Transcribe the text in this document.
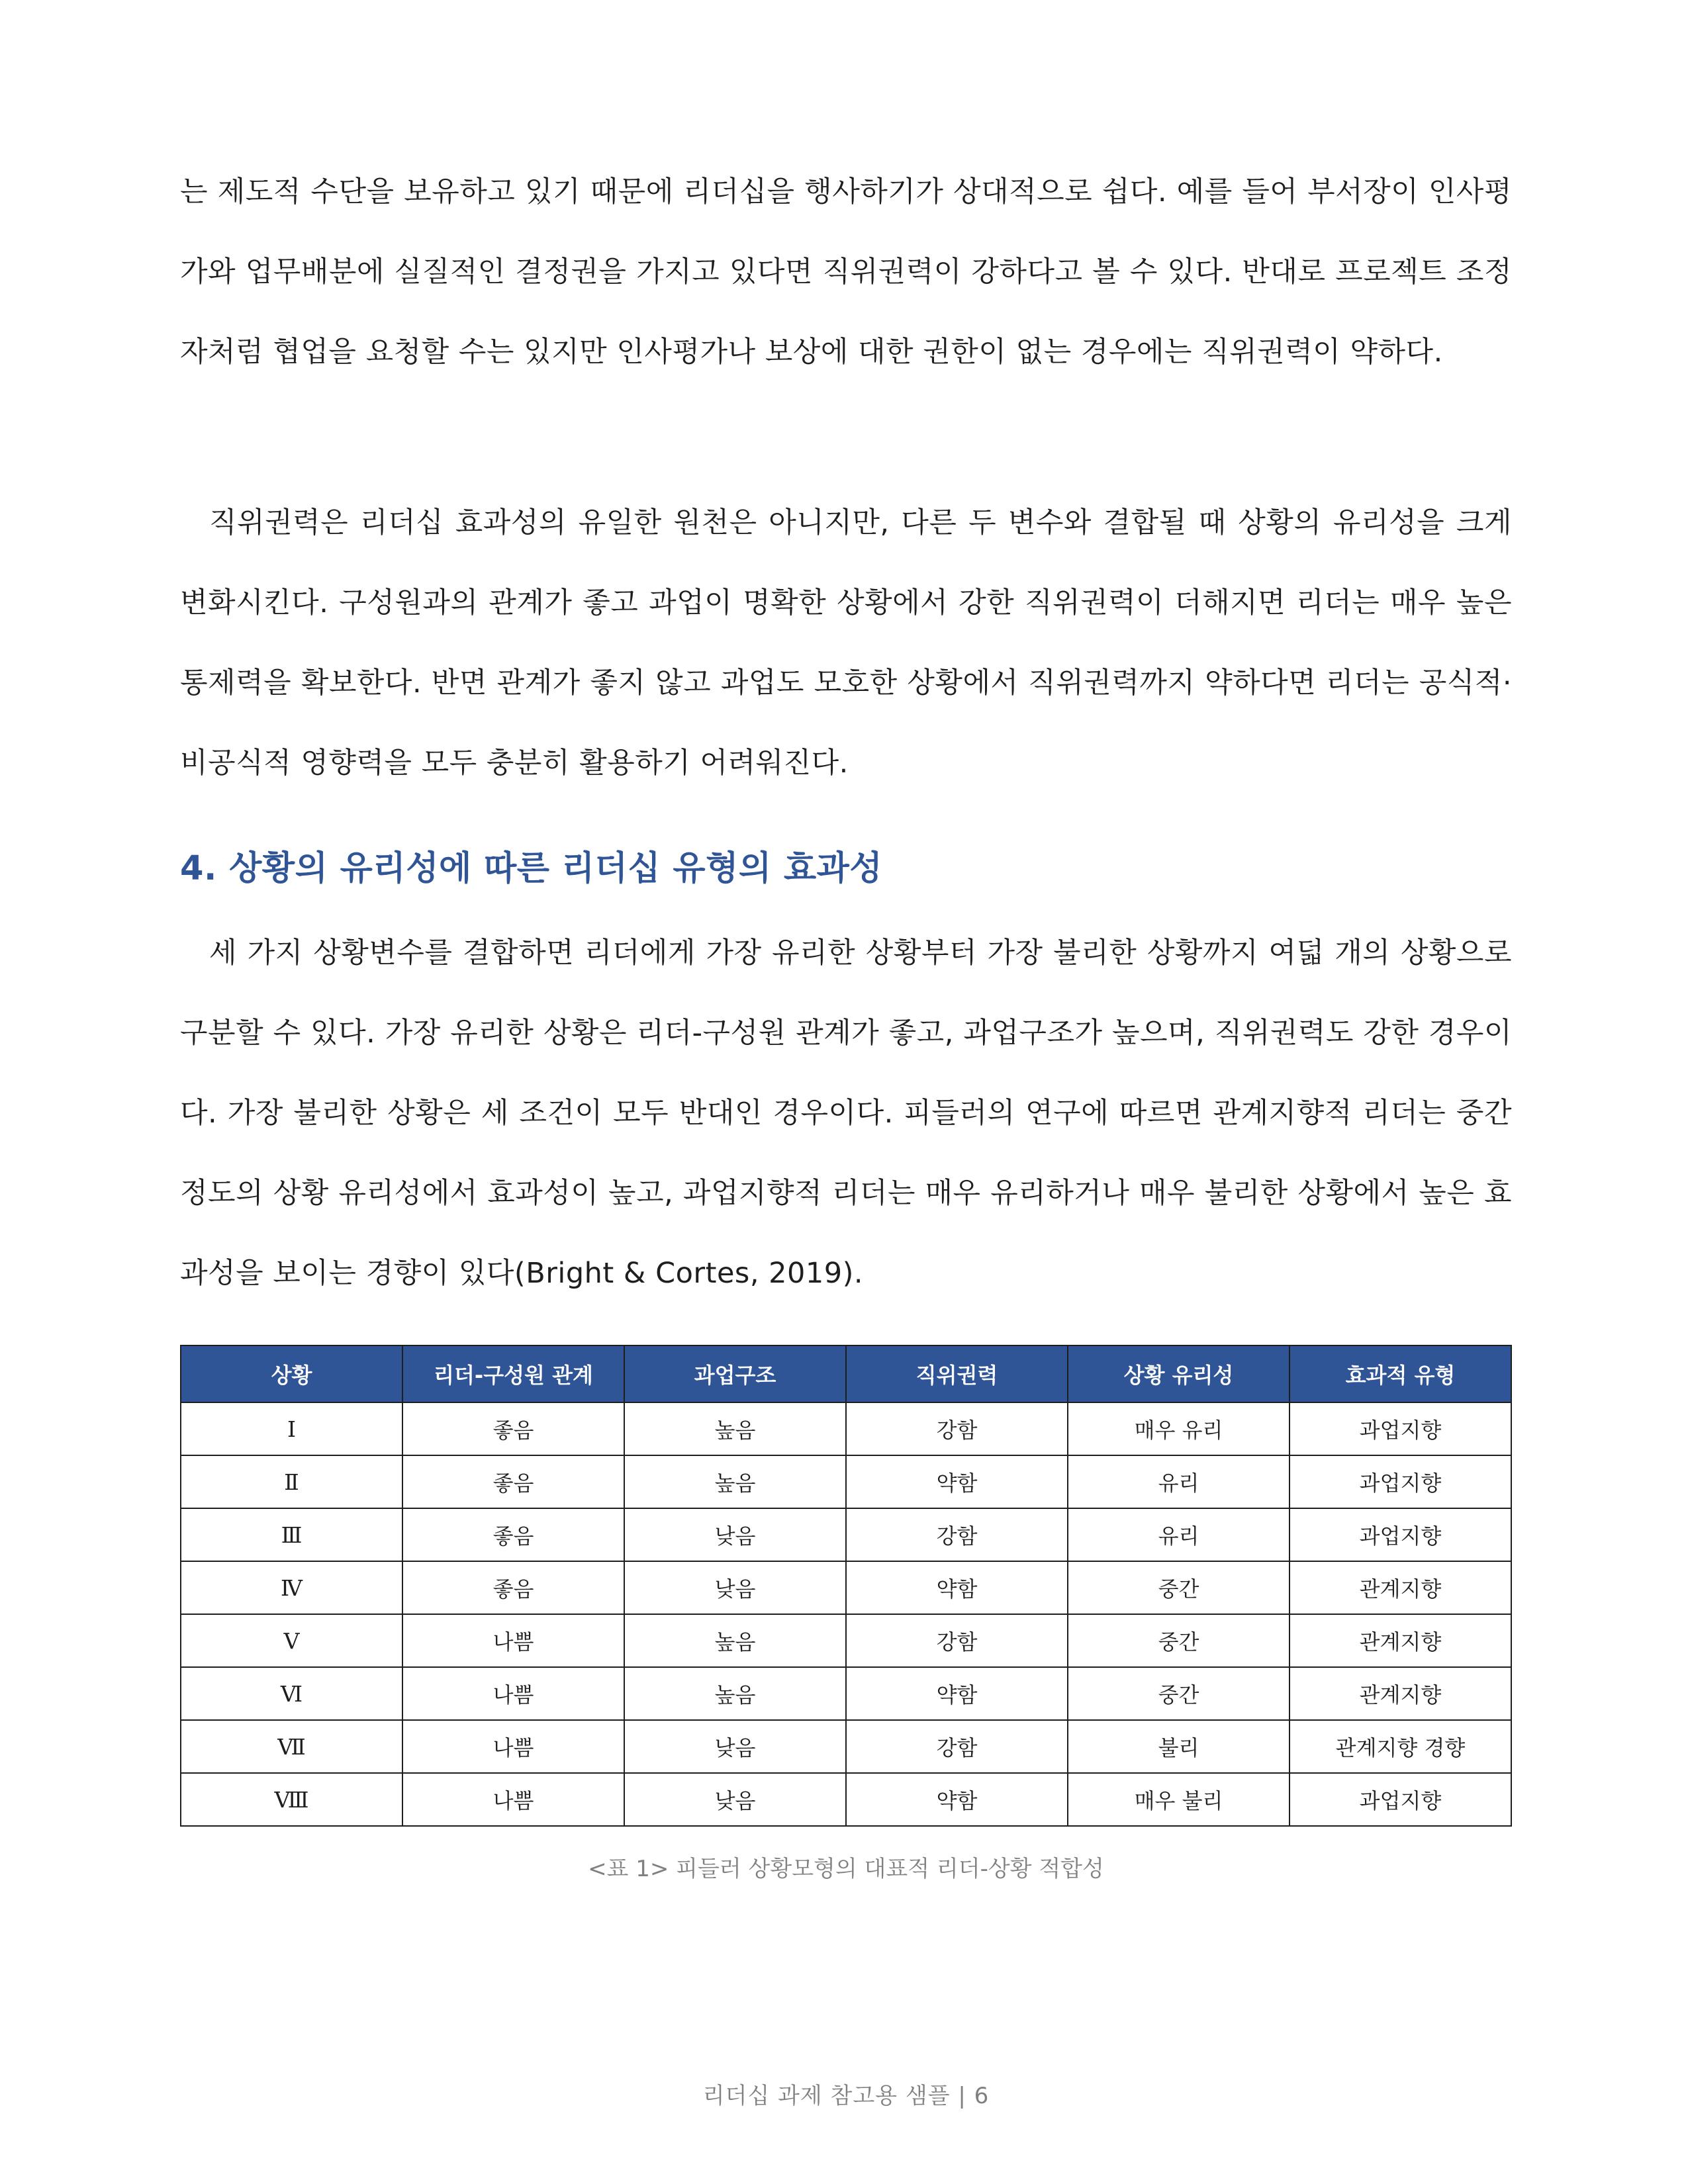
는 제도적 수단을 보유하고 있기 때문에 리더십을 행사하기가 상대적으로 쉽다. 예를 들어 부서장이 인사평가와 업무배분에 실질적인 결정권을 가지고 있다면 직위권력이 강하다고 볼 수 있다. 반대로 프로젝트 조정자처럼 협업을 요청할 수는 있지만 인사평가나 보상에 대한 권한이 없는 경우에는 직위권력이 약하다.

직위권력은 리더십 효과성의 유일한 원천은 아니지만, 다른 두 변수와 결합될 때 상황의 유리성을 크게 변화시킨다. 구성원과의 관계가 좋고 과업이 명확한 상황에서 강한 직위권력이 더해지면 리더는 매우 높은 통제력을 확보한다. 반면 관계가 좋지 않고 과업도 모호한 상황에서 직위권력까지 약하다면 리더는 공식적·비공식적 영향력을 모두 충분히 활용하기 어려워진다.

4. 상황의 유리성에 따른 리더십 유형의 효과성

세 가지 상황변수를 결합하면 리더에게 가장 유리한 상황부터 가장 불리한 상황까지 여덟 개의 상황으로 구분할 수 있다. 가장 유리한 상황은 리더-구성원 관계가 좋고, 과업구조가 높으며, 직위권력도 강한 경우이다. 가장 불리한 상황은 세 조건이 모두 반대인 경우이다. 피들러의 연구에 따르면 관계지향적 리더는 중간 정도의 상황 유리성에서 효과성이 높고, 과업지향적 리더는 매우 유리하거나 매우 불리한 상황에서 높은 효과성을 보이는 경향이 있다(Bright & Cortes, 2019).

상황	리더-구성원 관계	과업구조	직위권력	상황 유리성	효과적 유형
Ⅰ	좋음	높음	강함	매우 유리	과업지향
Ⅱ	좋음	높음	약함	유리	과업지향
Ⅲ	좋음	낮음	강함	유리	과업지향
Ⅳ	좋음	낮음	약함	중간	관계지향
Ⅴ	나쁨	높음	강함	중간	관계지향
Ⅵ	나쁨	높음	약함	중간	관계지향
Ⅶ	나쁨	낮음	강함	불리	관계지향 경향
Ⅷ	나쁨	낮음	약함	매우 불리	과업지향

<표 1> 피들러 상황모형의 대표적 리더-상황 적합성

리더십 과제 참고용 샘플 | 6
